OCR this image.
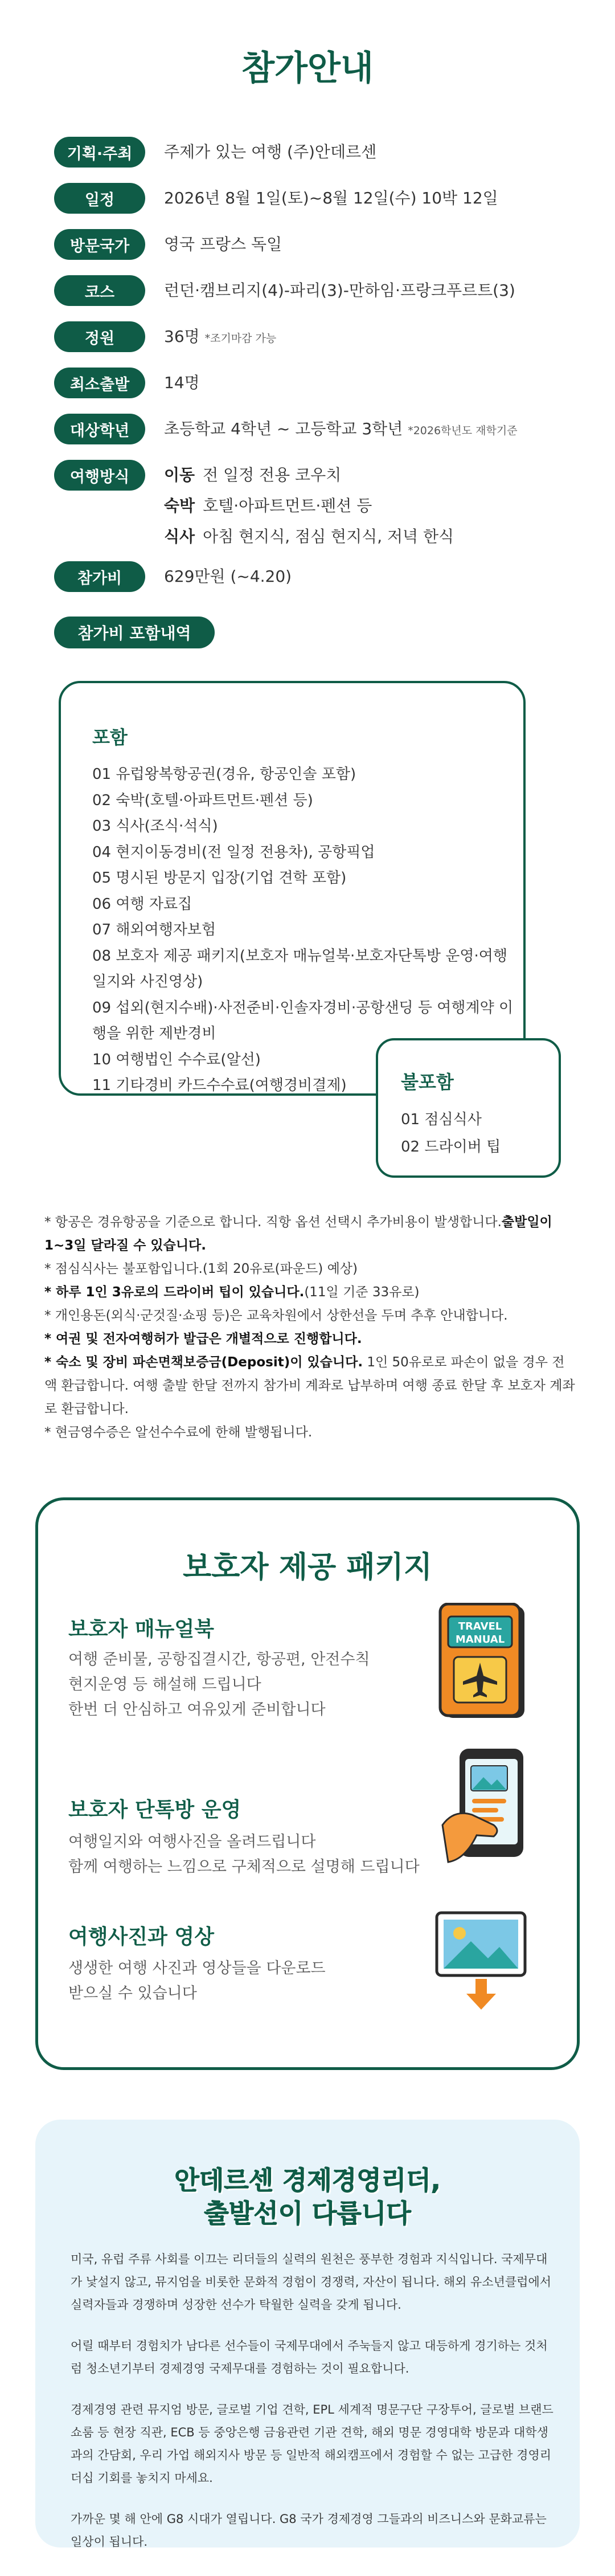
참가안내
기획·주최	주제가 있는 여행 (주)안데르센
일정	2026년 8월 1일(토)~8월 12일(수) 10박 12일
방문국가	영국 프랑스 독일
코스	런던·캠브리지(4)-파리(3)-만하임·프랑크푸르트(3)
정원	36명 *조기마감 가능
최소출발	14명
대상학년	초등학교 4학년 ~ 고등학교 3학년 *2026학년도 재학기준
여행방식	이동 전 일정 전용 코우치
숙박 호텔·아파트먼트·펜션 등
식사 아침 현지식, 점심 현지식, 저녁 한식
참가비	629만원 (~4.20)
참가비 포함내역
포함
01 유럽왕복항공권(경유, 항공인솔 포함)
02 숙박(호텔·아파트먼트·펜션 등)
03 식사(조식·석식)
04 현지이동경비(전 일정 전용차), 공항픽업
05 명시된 방문지 입장(기업 견학 포함)
06 여행 자료집
07 해외여행자보험
08 보호자 제공 패키지(보호자 매뉴얼북·보호자단톡방 운영·여행
일지와 사진영상)
09 섭외(현지수배)·사전준비·인솔자경비·공항샌딩 등 여행계약 이
행을 위한 제반경비
10 여행법인 수수료(알선)
11 기타경비 카드수수료(여행경비결제)	불포함
01 점심식사
02 드라이버 팁

* 항공은 경유항공을 기준으로 합니다. 직항 옵션 선택시 추가비용이 발생합니다.출발일이 1~3일 달라질 수 있습니다.

* 점심식사는 불포함입니다.(1회 20유로(파운드) 예상)

* 하루 1인 3유로의 드라이버 팁이 있습니다.(11일 기준 33유로)

* 개인용돈(외식·군것질·쇼핑 등)은 교육차원에서 상한선을 두며 추후 안내합니다.

* 여권 및 전자여행허가 발급은 개별적으로 진행합니다.

* 숙소 및 장비 파손면책보증금(Deposit)이 있습니다. 1인 50유로로 파손이 없을 경우 전액 환급합니다. 여행 출발 한달 전까지 참가비 계좌로 납부하며 여행 종료 한달 후 보호자 계좌로 환급합니다.

* 현금영수증은 알선수수료에 한해 발행됩니다.

보호자 제공 패키지
보호자 매뉴얼북
여행 준비물, 공항집결시간, 항공편, 안전수칙
현지운영 등 해설해 드립니다
한번 더 안심하고 여유있게 준비합니다
TRAVEL
MANUAL
보호자 단톡방 운영
여행일지와 여행사진을 올려드립니다
함께 여행하는 느낌으로 구체적으로 설명해 드립니다
여행사진과 영상
생생한 여행 사진과 영상들을 다운로드
받으실 수 있습니다
안데르센 경제경영리더,
출발선이 다릅니다

미국, 유럽 주류 사회를 이끄는 리더들의 실력의 원천은 풍부한 경험과 지식입니다. 국제무대가 낯설지 않고, 뮤지엄을 비롯한 문화적 경험이 경쟁력, 자산이 됩니다. 해외 유소년클럽에서 실력자들과 경쟁하며 성장한 선수가 탁월한 실력을 갖게 됩니다.

어릴 때부터 경험치가 남다른 선수들이 국제무대에서 주눅들지 않고 대등하게 경기하는 것처럼 청소년기부터 경제경영 국제무대를 경험하는 것이 필요합니다.

경제경영 관련 뮤지엄 방문, 글로벌 기업 견학, EPL 세계적 명문구단 구장투어, 글로벌 브랜드 쇼룸 등 현장 직관, ECB 등 중앙은행 금융관련 기관 견학, 해외 명문 경영대학 방문과 대학생과의 간담회, 우리 가업 해외지사 방문 등 일반적 해외캠프에서 경험할 수 없는 고급한 경영리더십 기회를 놓치지 마세요.

가까운 몇 해 안에 G8 시대가 열립니다. G8 국가 경제경영 그들과의 비즈니스와 문화교류는 일상이 됩니다.
